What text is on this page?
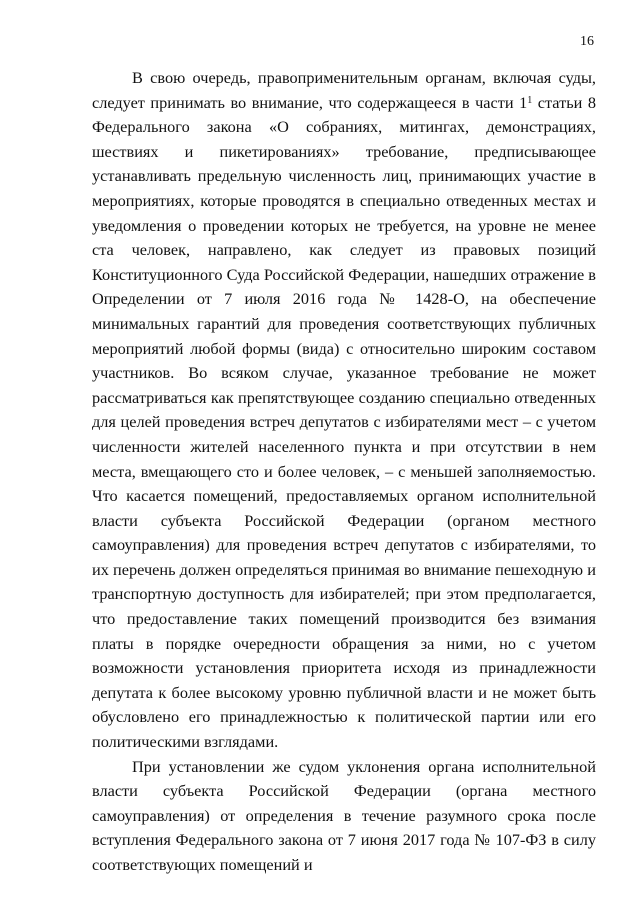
16

В свою очередь, правоприменительным органам, включая суды, следует принимать во внимание, что содержащееся в части $1^1$ статьи 8 Федерального закона «О собраниях, митингах, демонстрациях, шествиях и пикетированиях» требование, предписывающее устанавливать предельную численность лиц, принимающих участие в мероприятиях, которые проводятся в специально отведенных местах и уведомления о проведении которых не требуется, на уровне не менее ста человек, направлено, как следует из правовых позиций Конституционного Суда Российской Федерации, нашедших отражение в Определении от 7 июля 2016 года № 1428-О, на обеспечение минимальных гарантий для проведения соответствующих публичных мероприятий любой формы (вида) с относительно широким составом участников. Во всяком случае, указанное требование не может рассматриваться как препятствующее созданию специально отведенных для целей проведения встреч депутатов с избирателями мест – с учетом численности жителей населенного пункта и при отсутствии в нем места, вмещающего сто и более человек, – с меньшей заполняемостью. Что касается помещений, предоставляемых органом исполнительной власти субъекта Российской Федерации (органом местного самоуправления) для проведения встреч депутатов с избирателями, то их перечень должен определяться принимая во внимание пешеходную и транспортную доступность для избирателей; при этом предполагается, что предоставление таких помещений производится без взимания платы в порядке очередности обращения за ними, но с учетом возможности установления приоритета исходя из принадлежности депутата к более высокому уровню публичной власти и не может быть обусловлено его принадлежностью к политической партии или его политическими взглядами.

При установлении же судом уклонения органа исполнительной власти субъекта Российской Федерации (органа местного самоуправления) от определения в течение разумного срока после вступления Федерального закона от 7 июня 2017 года № 107-ФЗ в силу соответствующих помещений и
